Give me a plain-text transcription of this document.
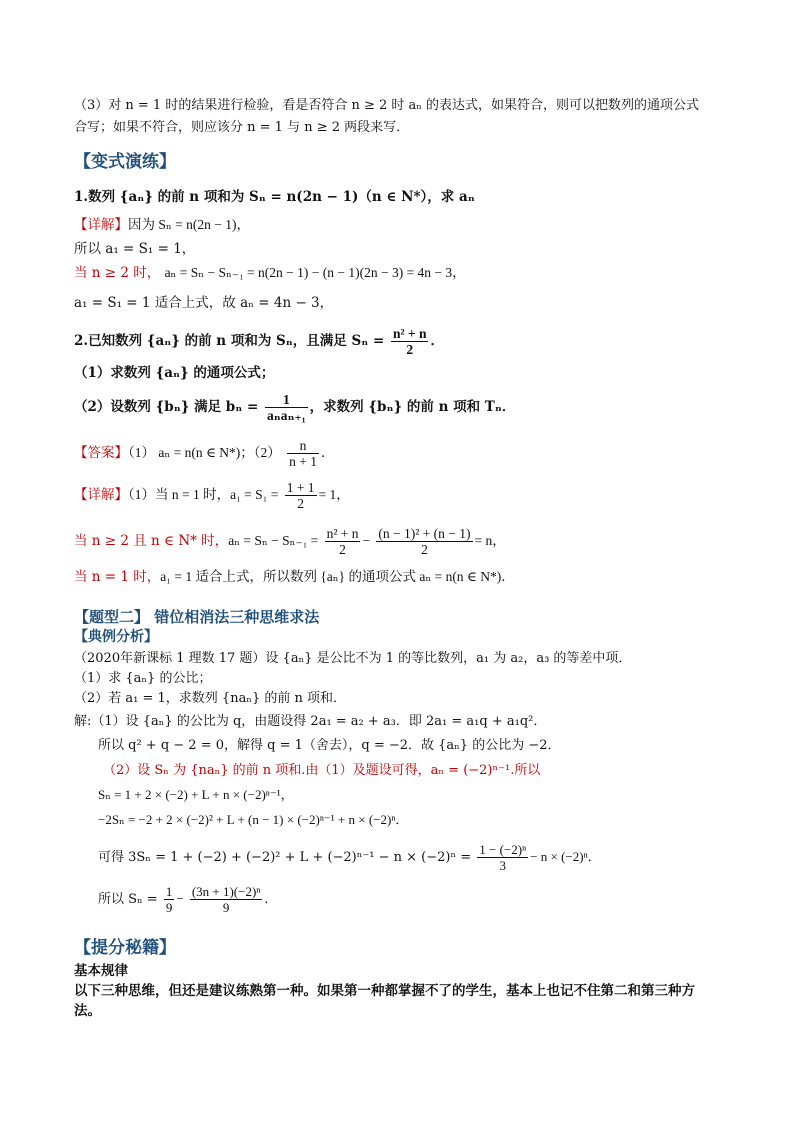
（3）对 n = 1 时的结果进行检验，看是否符合 n ≥ 2 时 aₙ 的表达式，如果符合，则可以把数列的通项公式
合写；如果不符合，则应该分 n = 1 与 n ≥ 2 两段来写．
【变式演练】
1.数列 {aₙ} 的前 n 项和为 Sₙ = n(2n − 1)（n ∈ N*），求 aₙ
【详解】因为 Sₙ = n(2n − 1)，
所以 a₁ = S₁ = 1，
当 n ≥ 2 时， aₙ = Sₙ − Sₙ₋₁ = n(2n − 1) − (n − 1)(2n − 3) = 4n − 3，
a₁ = S₁ = 1 适合上式，故 aₙ = 4n − 3，
2.已知数列 {aₙ} 的前 n 项和为 Sₙ，且满足 $S_n = \frac{\text{n² + n}}{2}$ ．
（1）求数列 {aₙ} 的通项公式；
（2）设数列 {bₙ} 满足 bₙ =	1
aₙaₙ₊₁
，求数列 {bₙ} 的前 n 项和 Tₙ．
【答案】（1） aₙ = n(n ∈ N*)；$(2) \frac{n}{n + 1}$ ．
【详解】（1）当 n = 1 时，$a_1 = S_1 = \frac{1 + 1}{2} = 1$，
当 n ≥ 2 且 n ∈ N* 时，$a_n = S_n - S_{n-1} = \frac{\text{n² + n}}{2} - \frac{\text{(n − 1)² + (n − 1)}}{2} = n$，
当 n = 1 时，a₁ = 1 适合上式，所以数列 {aₙ} 的通项公式 aₙ = n(n ∈ N*)．
【题型二】 错位相消法三种思维求法
【典例分析】
（2020年新课标 1 理数 17 题）设 {aₙ} 是公比不为 1 的等比数列，a₁ 为 a₂，a₃ 的等差中项．
（1）求 {aₙ} 的公比；
（2）若 a₁ = 1，求数列 {naₙ} 的前 n 项和．
解:（1）设 {aₙ} 的公比为 q，由题设得 2a₁ = a₂ + a₃．即 2a₁ = a₁q + a₁q²．
所以 q² + q − 2 = 0，解得 q = 1（舍去），q = −2．故 {aₙ} 的公比为 −2．
（2）设 Sₙ 为 {naₙ} 的前 n 项和.由（1）及题设可得，aₙ = (−2)ⁿ⁻¹.所以
Sₙ = 1 + 2 × (−2) + L + n × (−2)ⁿ⁻¹，
−2Sₙ = −2 + 2 × (−2)² + L + (n − 1) × (−2)ⁿ⁻¹ + n × (−2)ⁿ．
可得 $3S_n = 1 + (-2) + (-2)^2 + L + (-2)^{n-1} - n \times (-2)^n = \frac{\text{1 − (−2)ⁿ}}{3} - n \times (-2)^n$．
所以 $S_n = \frac{1}{9} - \frac{\text{(3n + 1)(−2)ⁿ}}{9}$ ．
【提分秘籍】
基本规律
以下三种思维，但还是建议练熟第一种。如果第一种都掌握不了的学生，基本上也记不住第二和第三种方
法。
